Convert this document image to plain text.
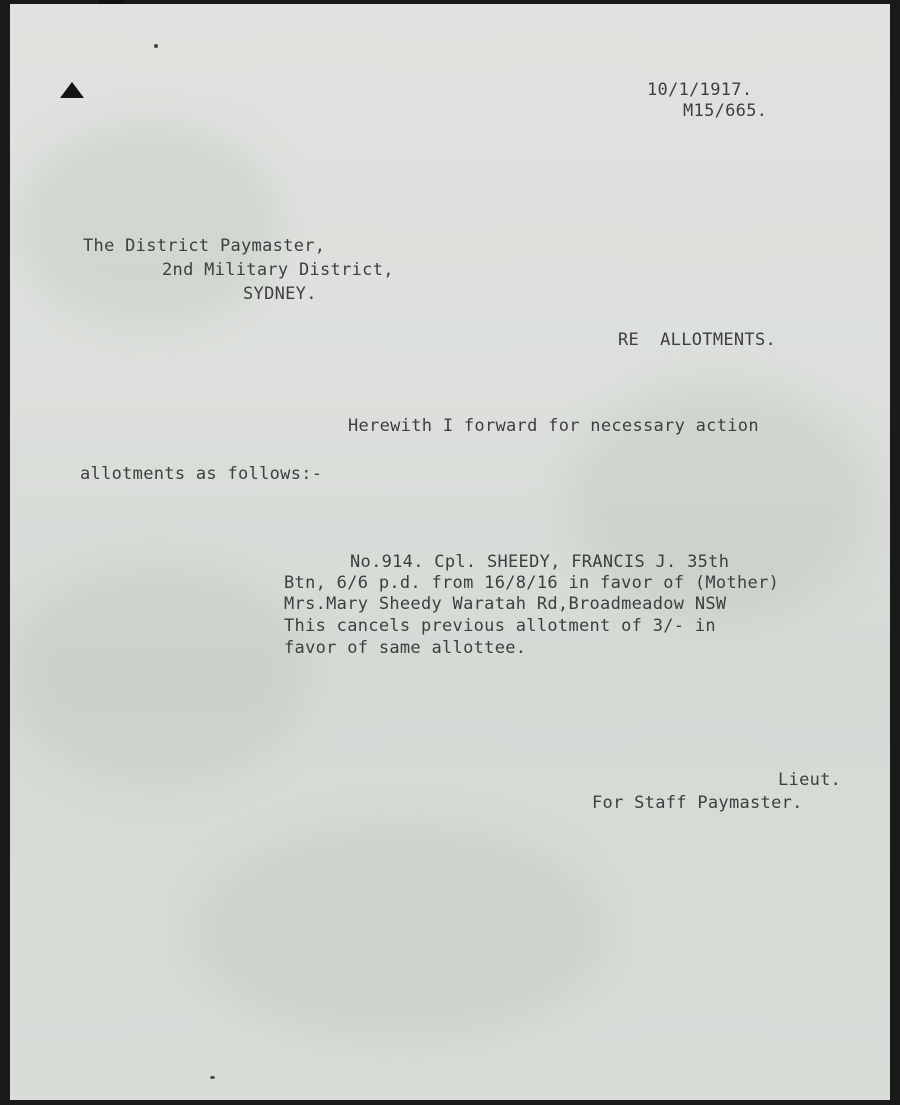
10/1/1917.
M15/665.
The District Paymaster,
2nd Military District,
SYDNEY.
RE  ALLOTMENTS.
Herewith I forward for necessary action
allotments as follows:-
No.914. Cpl. SHEEDY, FRANCIS J. 35th
Btn, 6/6 p.d. from 16/8/16 in favor of (Mother)
Mrs.Mary Sheedy Waratah Rd,Broadmeadow NSW
This cancels previous allotment of 3/- in
favor of same allottee.
Lieut.
For Staff Paymaster.
